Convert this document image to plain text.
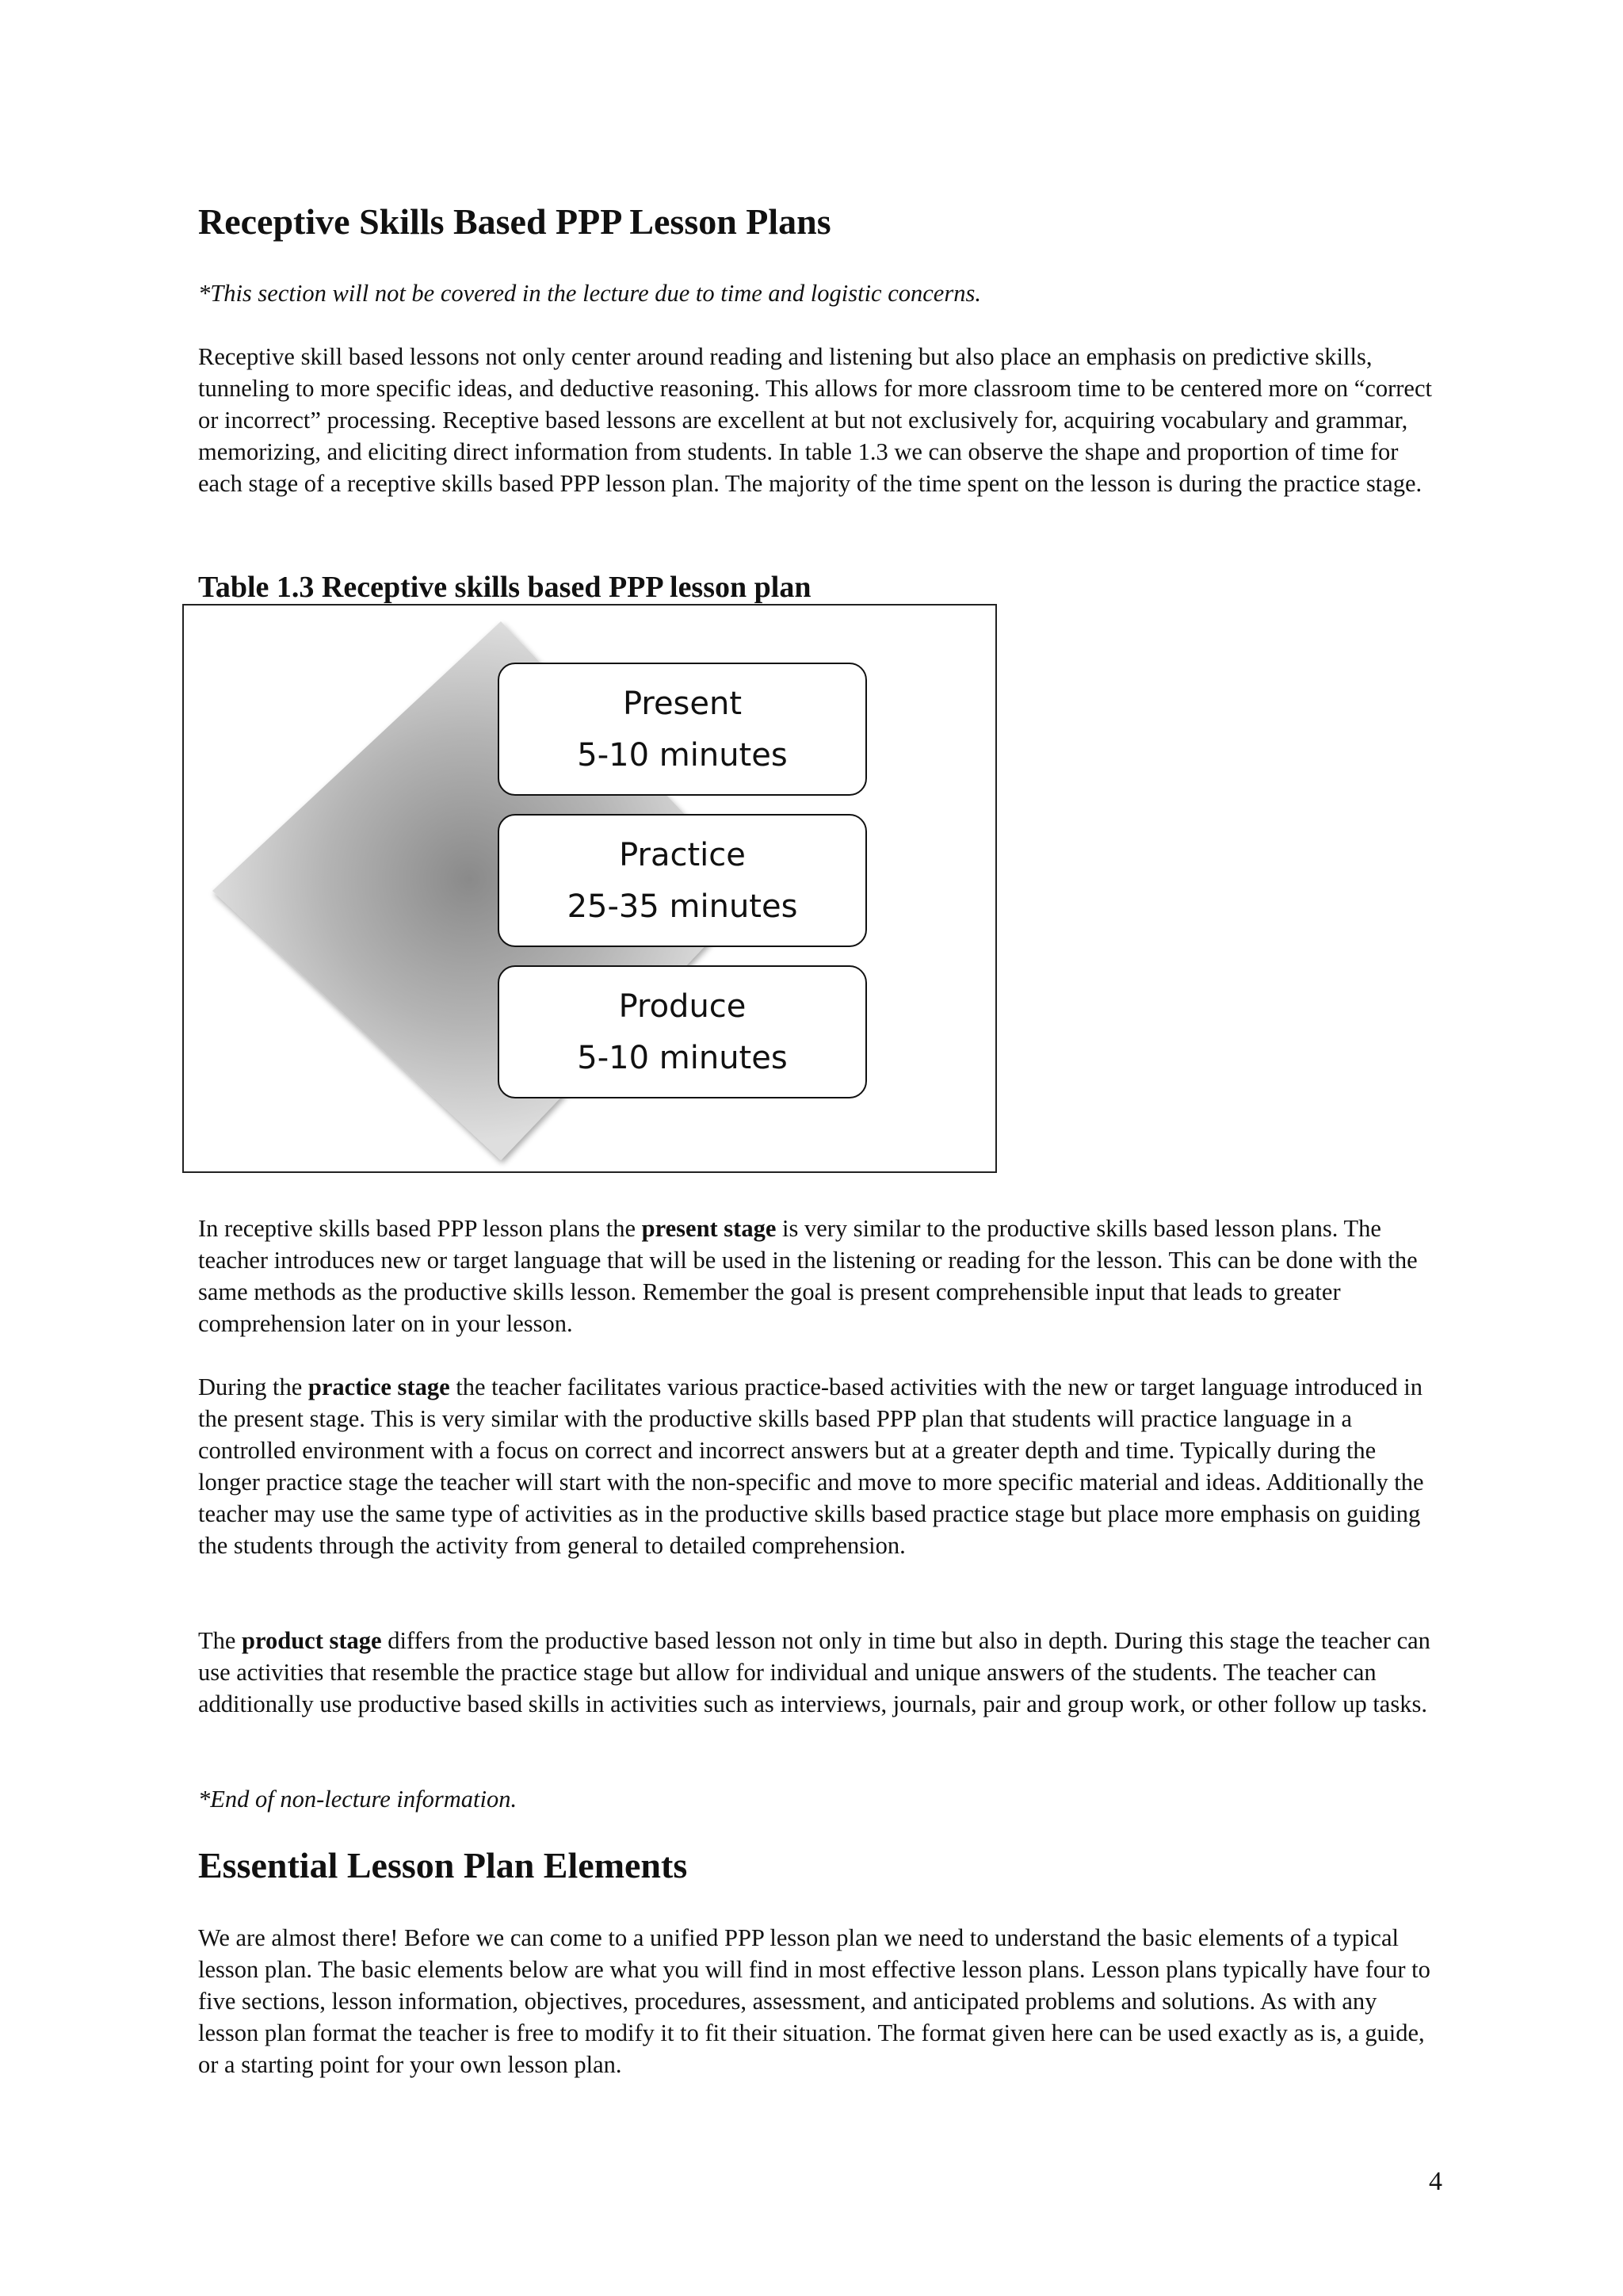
Receptive Skills Based PPP Lesson Plans

*This section will not be covered in the lecture due to time and logistic concerns.

Receptive skill based lessons not only center around reading and listening but also place an emphasis on predictive skills, tunneling to more specific ideas, and deductive reasoning. This allows for more classroom time to be centered more on “correct or incorrect” processing. Receptive based lessons are excellent at but not exclusively for, acquiring vocabulary and grammar, memorizing, and eliciting direct information from students. In table 1.3 we can observe the shape and proportion of time for each stage of a receptive skills based PPP lesson plan. The majority of the time spent on the lesson is during the practice stage.

Table 1.3 Receptive skills based PPP lesson plan
Present
5-10 minutes
Practice
25-35 minutes
Produce
5-10 minutes

In receptive skills based PPP lesson plans the present stage is very similar to the productive skills based lesson plans. The teacher introduces new or target language that will be used in the listening or reading for the lesson. This can be done with the same methods as the productive skills lesson. Remember the goal is present comprehensible input that leads to greater comprehension later on in your lesson.

During the practice stage the teacher facilitates various practice-based activities with the new or target language introduced in the present stage. This is very similar with the productive skills based PPP plan that students will practice language in a controlled environment with a focus on correct and incorrect answers but at a greater depth and time. Typically during the longer practice stage the teacher will start with the non-specific and move to more specific material and ideas. Additionally the teacher may use the same type of activities as in the productive skills based practice stage but place more emphasis on guiding the students through the activity from general to detailed comprehension.

The product stage differs from the productive based lesson not only in time but also in depth. During this stage the teacher can use activities that resemble the practice stage but allow for individual and unique answers of the students. The teacher can additionally use productive based skills in activities such as interviews, journals, pair and group work, or other follow up tasks.

*End of non-lecture information.

Essential Lesson Plan Elements

We are almost there! Before we can come to a unified PPP lesson plan we need to understand the basic elements of a typical lesson plan. The basic elements below are what you will find in most effective lesson plans. Lesson plans typically have four to five sections, lesson information, objectives, procedures, assessment, and anticipated problems and solutions. As with any lesson plan format the teacher is free to modify it to fit their situation. The format given here can be used exactly as is, a guide, or a starting point for your own lesson plan.

4
